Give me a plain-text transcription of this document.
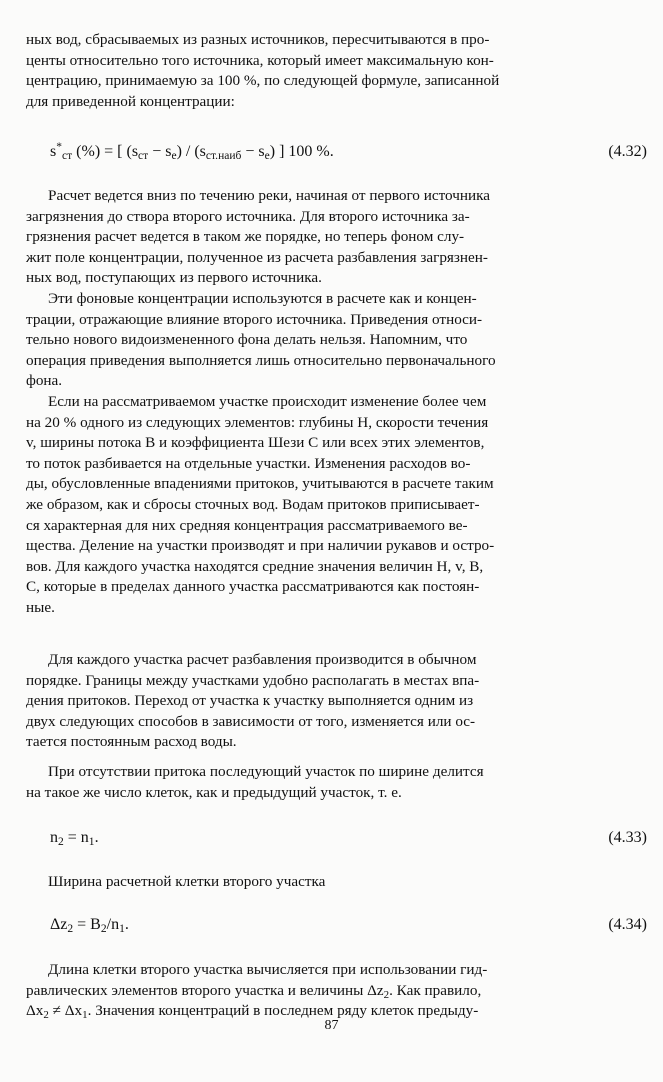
ных вод, сбрасываемых из разных источников, пересчитываются в про-
центы относительно того источника, который имеет максимальную кон-
центрацию, принимаемую за 100 %, по следующей формуле, записанной
для приведенной концентрации:

$s^*_{ст}$ (%) = [ $(s_{ст} - s_е) / (s_{ст.наиб} - s_е)$ ] 100 %.	(4.32)

Расчет ведется вниз по течению реки, начиная от первого источника
загрязнения до створа второго источника. Для второго источника за-
грязнения расчет ведется в таком же порядке, но теперь фоном слу-
жит поле концентрации, полученное из расчета разбавления загрязнен-
ных вод, поступающих из первого источника.

Эти фоновые концентрации используются в расчете как и концен-
трации, отражающие влияние второго источника. Приведения относи-
тельно нового видоизмененного фона делать нельзя. Напомним, что
операция приведения выполняется лишь относительно первоначального
фона.

Если на рассматриваемом участке происходит изменение более чем
на 20 % одного из следующих элементов: глубины H, скорости течения
v, ширины потока B и коэффициента Шези C или всех этих элементов,
то поток разбивается на отдельные участки. Изменения расходов во-
ды, обусловленные впадениями притоков, учитываются в расчете таким
же образом, как и сбросы сточных вод. Водам притоков приписывает-
ся характерная для них средняя концентрация рассматриваемого ве-
щества. Деление на участки производят и при наличии рукавов и остро-
вов. Для каждого участка находятся средние значения величин H, v, B,
C, которые в пределах данного участка рассматриваются как постоян-
ные.

Для каждого участка расчет разбавления производится в обычном
порядке. Границы между участками удобно располагать в местах впа-
дения притоков. Переход от участка к участку выполняется одним из
двух следующих способов в зависимости от того, изменяется или ос-
тается постоянным расход воды.

При отсутствии притока последующий участок по ширине делится
на такое же число клеток, как и предыдущий участок, т. е.

$n_2 = n_1$.	(4.33)

Ширина расчетной клетки второго участка

$\Delta z_2 = B_2/n_1$.	(4.34)

Длина клетки второго участка вычисляется при использовании гид-
равлических элементов второго участка и величины $\Delta z_2$. Как правило,
$\Delta x_2 \ne \Delta x_1$. Значения концентраций в последнем ряду клеток предыду-

87
